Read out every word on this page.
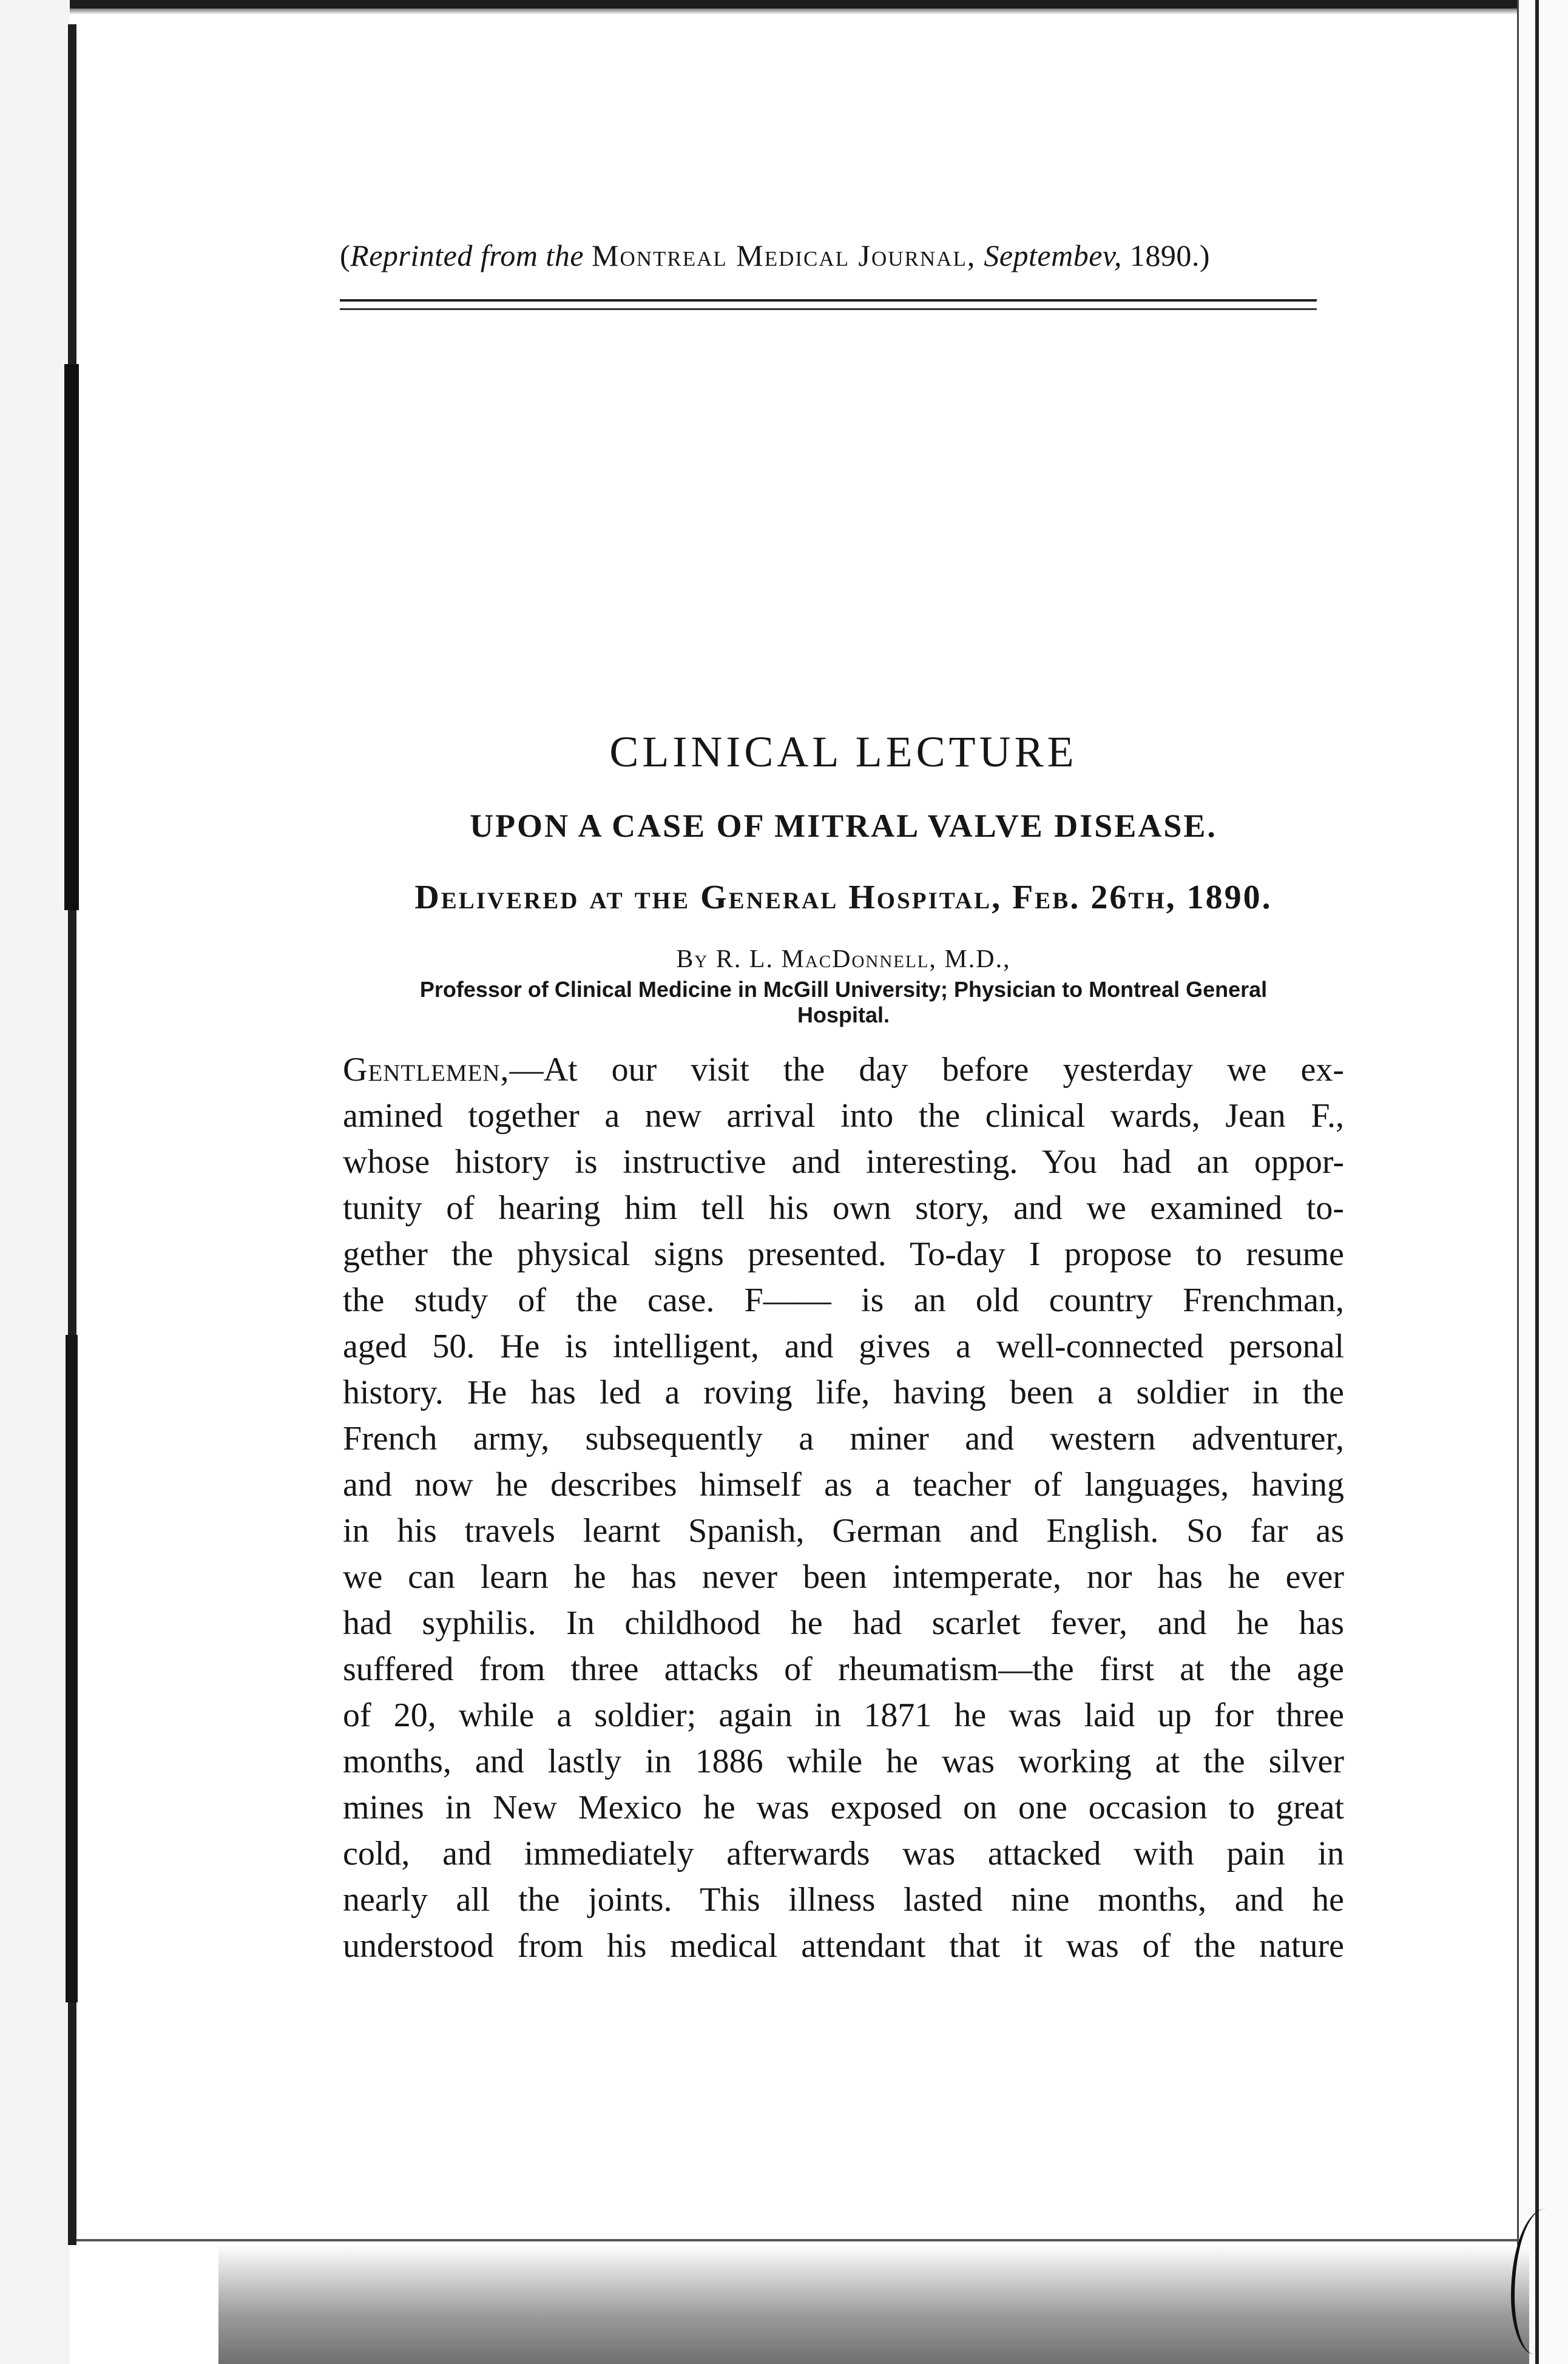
(Reprinted from the Montreal Medical Journal, Septembev, 1890.)
CLINICAL LECTURE
UPON A CASE OF MITRAL VALVE DISEASE.
Delivered at the General Hospital, Feb. 26th, 1890.
By R. L. MacDonnell, M.D.,
Professor of Clinical Medicine in McGill University; Physician to Montreal General
Hospital.
Gentlemen,—At our visit the day before yesterday we ex-
amined together a new arrival into the clinical wards, Jean F.,
whose history is instructive and interesting. You had an oppor-
tunity of hearing him tell his own story, and we examined to-
gether the physical signs presented. To-day I propose to resume
the study of the case. F—— is an old country Frenchman,
aged 50. He is intelligent, and gives a well-connected personal
history. He has led a roving life, having been a soldier in the
French army, subsequently a miner and western adventurer,
and now he describes himself as a teacher of languages, having
in his travels learnt Spanish, German and English. So far as
we can learn he has never been intemperate, nor has he ever
had syphilis. In childhood he had scarlet fever, and he has
suffered from three attacks of rheumatism—the first at the age
of 20, while a soldier; again in 1871 he was laid up for three
months, and lastly in 1886 while he was working at the silver
mines in New Mexico he was exposed on one occasion to great
cold, and immediately afterwards was attacked with pain in
nearly all the joints. This illness lasted nine months, and he
understood from his medical attendant that it was of the nature
